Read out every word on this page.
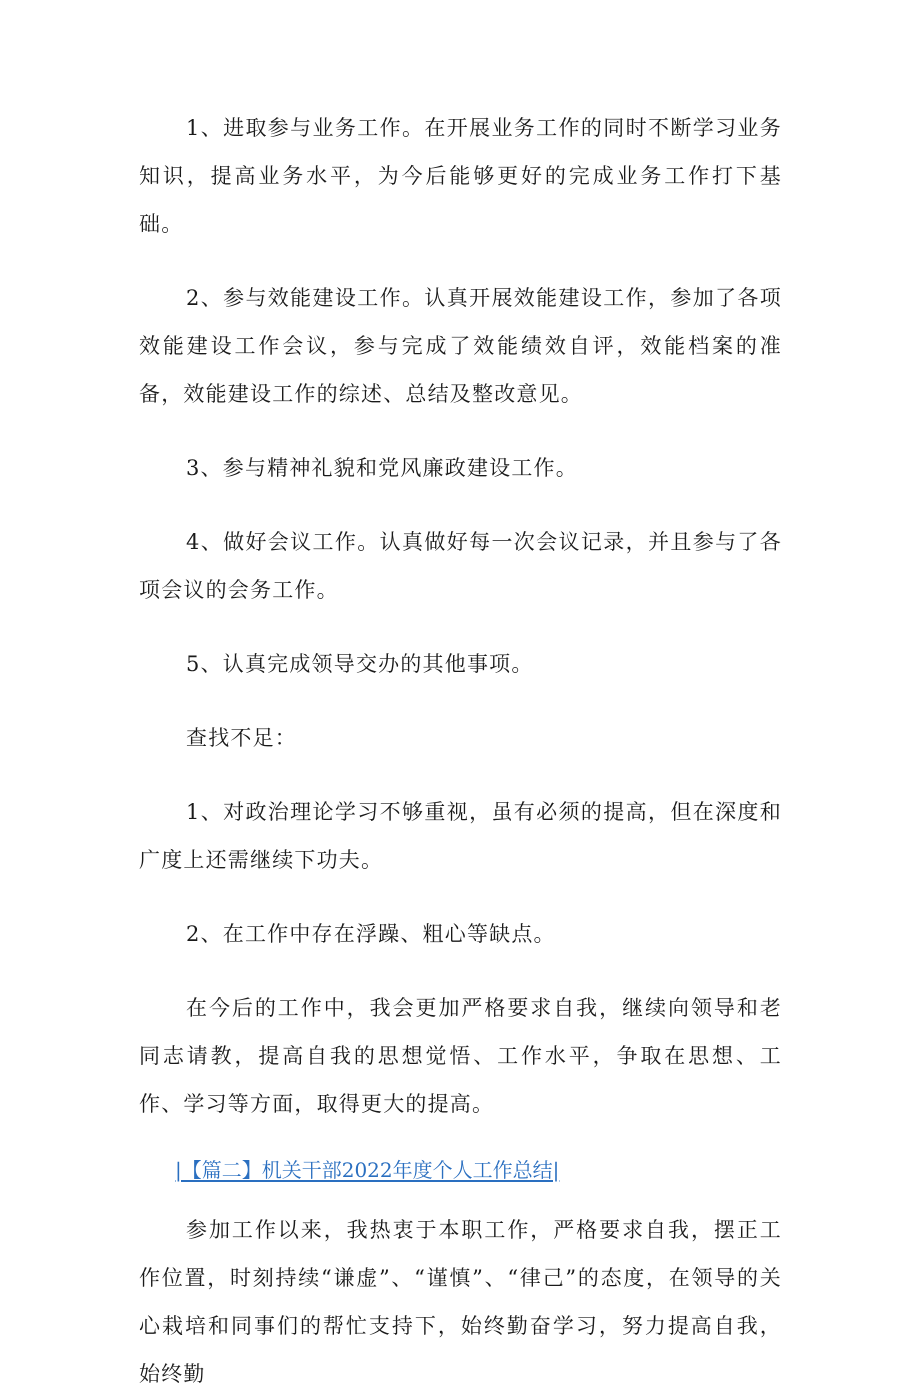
1、进取参与业务工作。在开展业务工作的同时不断学习业务知识，提高业务水平，为今后能够更好的完成业务工作打下基础。

2、参与效能建设工作。认真开展效能建设工作，参加了各项效能建设工作会议，参与完成了效能绩效自评，效能档案的准备，效能建设工作的综述、总结及整改意见。

3、参与精神礼貌和党风廉政建设工作。

4、做好会议工作。认真做好每一次会议记录，并且参与了各项会议的会务工作。

5、认真完成领导交办的其他事项。

查找不足：

1、对政治理论学习不够重视，虽有必须的提高，但在深度和广度上还需继续下功夫。

2、在工作中存在浮躁、粗心等缺点。

在今后的工作中，我会更加严格要求自我，继续向领导和老同志请教，提高自我的思想觉悟、工作水平，争取在思想、工作、学习等方面，取得更大的提高。

|【篇二】机关干部2022年度个人工作总结|

参加工作以来，我热衷于本职工作，严格要求自我，摆正工作位置，时刻持续“谦虚”、“谨慎”、“律己”的态度，在领导的关心栽培和同事们的帮忙支持下，始终勤奋学习，努力提高自我，始终勤
